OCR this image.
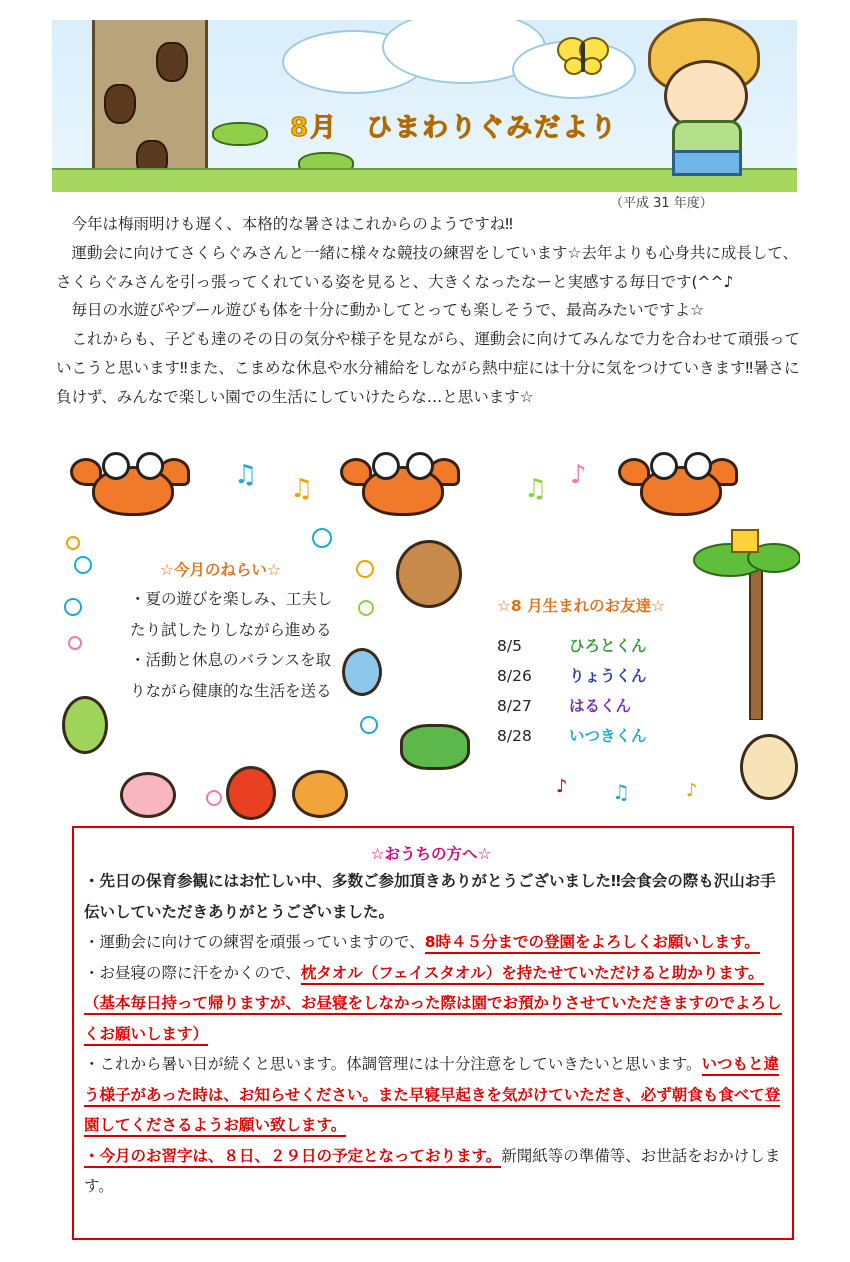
8月　ひまわりぐみだより
（平成 31 年度）

今年は梅雨明けも遅く、本格的な暑さはこれからのようですね‼

運動会に向けてさくらぐみさんと一緒に様々な競技の練習をしています☆去年よりも心身共に成長して、さくらぐみさんを引っ張ってくれている姿を見ると、大きくなったなーと実感する毎日です(^^♪

毎日の水遊びやプール遊びも体を十分に動かしてとっても楽しそうで、最高みたいですよ☆

これからも、子ども達のその日の気分や様子を見ながら、運動会に向けてみんなで力を合わせて頑張っていこうと思います‼また、こまめな休息や水分補給をしながら熱中症には十分に気をつけていきます‼暑さに負けず、みんなで楽しい園での生活にしていけたらな…と思います☆

♫ ♫	♫ ♪
☆今月のねらい☆

・夏の遊びを楽しみ、工夫したり試したりしながら進める

・活動と休息のバランスを取りながら健康的な生活を送る

♪ ♫	♪
☆8 月生まれのお友達☆
8/5	ひろとくん
8/26 りょうくん
8/27 はるくん
8/28 いつきくん
☆おうちの方へ☆
・先日の保育参観にはお忙しい中、多数ご参加頂きありがとうございました‼会食会の際も沢山お手伝いしていただきありがとうございました。
・運動会に向けての練習を頑張っていますので、8時４５分までの登園をよろしくお願いします。
・お昼寝の際に汗をかくので、枕タオル（フェイスタオル）を持たせていただけると助かります。（基本毎日持って帰りますが、お昼寝をしなかった際は園でお預かりさせていただきますのでよろしくお願いします）
・これから暑い日が続くと思います。体調管理には十分注意をしていきたいと思います。いつもと違う様子があった時は、お知らせください。また早寝早起きを気がけていただき、必ず朝食も食べて登園してくださるようお願い致します。
・今月のお習字は、８日、２９日の予定となっております。新聞紙等の準備等、お世話をおかけします。
